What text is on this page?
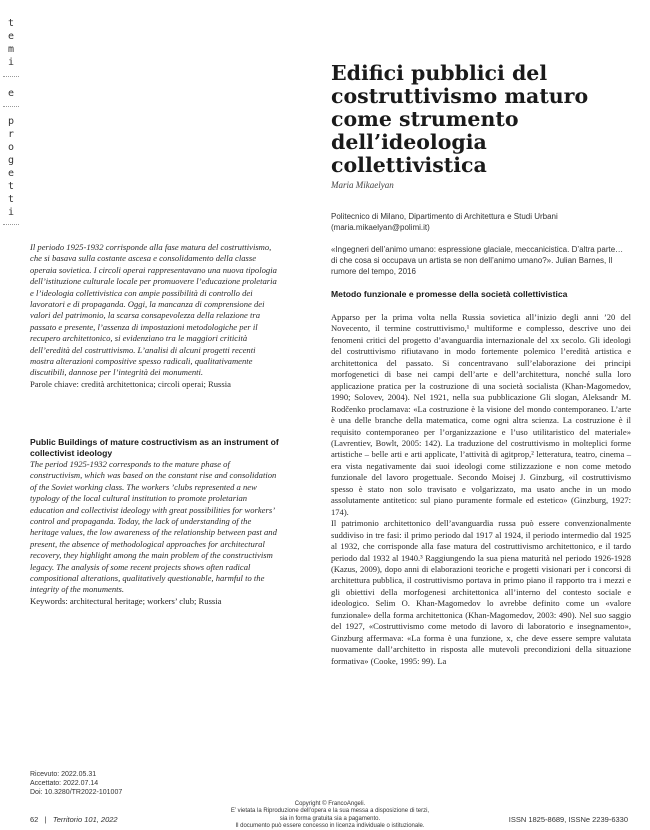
t
e
m
i
e
p
r
o
g
e
t
t
i
Edifici pubblici del costruttivismo maturo come strumento dell’ideologia collettivistica
Maria Mikaelyan
Politecnico di Milano, Dipartimento di Architettura e Studi Urbani (maria.mikaelyan@polimi.it)
«Ingegneri dell’animo umano: espressione glaciale, meccanicistica. D’altra parte… di che cosa si occupava un artista se non dell’animo umano?». Julian Barnes, Il rumore del tempo, 2016
Il periodo 1925-1932 corrisponde alla fase matura del costruttivismo, che si basava sulla costante ascesa e consolidamento della classe operaia sovietica. I circoli operai rappresentavano una nuova tipologia dell’istituzione culturale locale per promuovere l’educazione proletaria e l’ideologia collettivistica con ampie possibilità di controllo dei lavoratori e di propaganda. Oggi, la mancanza di comprensione dei valori del patrimonio, la scarsa consapevolezza della relazione tra passato e presente, l’assenza di impostazioni metodologiche per il recupero architettonico, si evidenziano tra le maggiori criticità dell’eredità del costruttivismo. L’analisi di alcuni progetti recenti mostra alterazioni compositive spesso radicali, qualitativamente discutibili, dannose per l’integrità dei monumenti.
Parole chiave: credità architettonica; circoli operai; Russia
Public Buildings of mature costructivism as an instrument of collectivist ideology
The period 1925-1932 corresponds to the mature phase of constructivism, which was based on the constant rise and consolidation of the Soviet working class. The workers ’clubs represented a new typology of the local cultural institution to promote proletarian education and collectivist ideology with great possibilities for workers’ control and propaganda. Today, the lack of understanding of the heritage values, the low awareness of the relationship between past and present, the absence of methodological approaches for architectural recovery, they highlight among the main problem of the constructivism legacy. The analysis of some recent projects shows often radical compositional alterations, qualitatively questionable, harmful to the integrity of the monuments.
Keywords: architectural heritage; workers’ club; Russia
Ricevuto: 2022.05.31
Accettato: 2022.07.14
Doi: 10.3280/TR2022-101007
Metodo funzionale e promesse della società collettivistica

Apparso per la prima volta nella Russia sovietica all’inizio degli anni ’20 del Novecento, il termine costruttivismo,¹ multiforme e complesso, descrive uno dei fenomeni critici del progetto d’avanguardia internazionale del xx secolo. Gli ideologi del costruttivismo rifiutavano in modo fortemente polemico l’eredità artistica e architettonica del passato. Si concentravano sull’elaborazione dei principi morfogenetici di base nei campi dell’arte e dell’architettura, nonché sulla loro applicazione pratica per la costruzione di una società socialista (Khan-Magomedov, 1990; Solovev, 2004). Nel 1921, nella sua pubblicazione Gli slogan, Aleksandr M. Rodčenko proclamava: «La costruzione è la visione del mondo contemporaneo. L’arte è una delle branche della matematica, come ogni altra scienza. La costruzione è il requisito contemporaneo per l’organizzazione e l’uso utilitaristico del materiale» (Lavrentiev, Bowlt, 2005: 142). La traduzione del costruttivismo in molteplici forme artistiche – belle arti e arti applicate, l’attività di agitprop,² letteratura, teatro, cinema – era vista negativamente dai suoi ideologi come stilizzazione e non come metodo funzionale del lavoro progettuale. Secondo Moisej J. Ginzburg, «il costruttivismo spesso è stato non solo travisato e volgarizzato, ma usato anche in un modo assolutamente antitetico: sul piano puramente formale ed estetico» (Ginzburg, 1927: 174).

Il patrimonio architettonico dell’avanguardia russa può essere convenzionalmente suddiviso in tre fasi: il primo periodo dal 1917 al 1924, il periodo intermedio dal 1925 al 1932, che corrisponde alla fase matura del costruttivismo architettonico, e il tardo periodo dal 1932 al 1940.³ Raggiungendo la sua piena maturità nel periodo 1926-1928 (Kazus, 2009), dopo anni di elaborazioni teoriche e progetti visionari per i concorsi di architettura pubblica, il costruttivismo portava in primo piano il rapporto tra i mezzi e gli obiettivi della morfogenesi architettonica all’interno del contesto sociale e ideologico. Selim O. Khan-Magomedov lo avrebbe definito come un «valore funzionale» della forma architettonica (Khan-Magomedov, 2003: 490). Nel suo saggio del 1927, «Costruttivismo come metodo di lavoro di laboratorio e insegnamento», Ginzburg affermava: «La forma è una funzione, x, che deve essere sempre valutata nuovamente dall’architetto in risposta alle mutevoli precondizioni della situazione formativa» (Cooke, 1995: 99). La

62   |   Territorio 101, 2022
Copyright © FrancoAngeli.
E’ vietata la Riproduzione dell’opera e la sua messa a disposizione di terzi,
sia in forma gratuita sia a pagamento.
Il documento può essere concesso in licenza individuale o istituzionale.
ISSN 1825-8689, ISSNe 2239-6330
